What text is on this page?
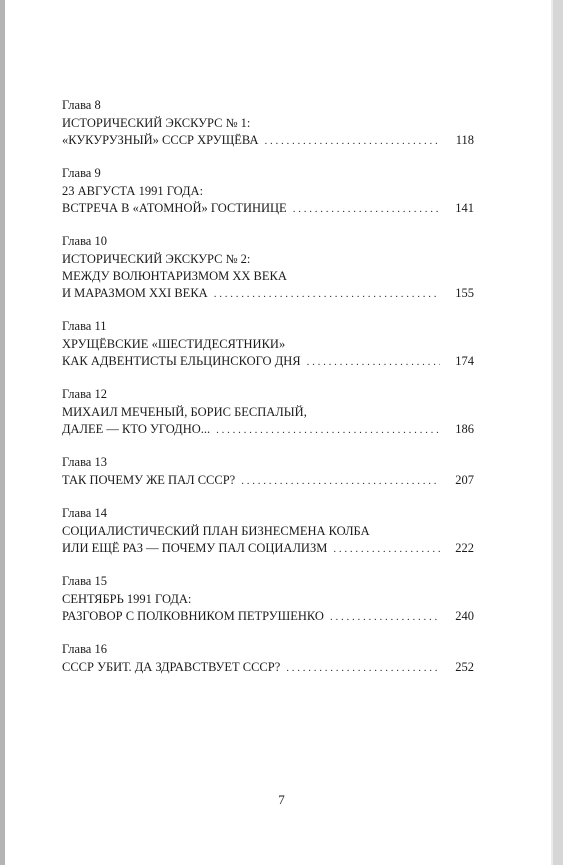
Глава 8
ИСТОРИЧЕСКИЙ ЭКСКУРС № 1:
«КУКУРУЗНЫЙ» СССР ХРУЩЁВА . . .	118
Глава 9
23 АВГУСТА 1991 ГОДА:
ВСТРЕЧА В «АТОМНОЙ» ГОСТИНИЦЕ . . .	141
Глава 10
ИСТОРИЧЕСКИЙ ЭКСКУРС № 2:
МЕЖДУ ВОЛЮНТАРИЗМОМ XX ВЕКА
И МАРАЗМОМ XXI ВЕКА . . .	155
Глава 11
ХРУЩЁВСКИЕ «ШЕСТИДЕСЯТНИКИ»
КАК АДВЕНТИСТЫ ЕЛЬЦИНСКОГО ДНЯ . . .	174
Глава 12
МИХАИЛ МЕЧЕНЫЙ, БОРИС БЕСПАЛЫЙ,
ДАЛЕЕ — КТО УГОДНО... . . .	186
Глава 13
ТАК ПОЧЕМУ ЖЕ ПАЛ СССР? . . .	207
Глава 14
СОЦИАЛИСТИЧЕСКИЙ ПЛАН БИЗНЕСМЕНА КОЛБА
ИЛИ ЕЩЁ РАЗ — ПОЧЕМУ ПАЛ СОЦИАЛИЗМ . . .	222
Глава 15
СЕНТЯБРЬ 1991 ГОДА:
РАЗГОВОР С ПОЛКОВНИКОМ ПЕТРУШЕНКО . . .	240
Глава 16
СССР УБИТ. ДА ЗДРАВСТВУЕТ СССР? . . .	252
7
